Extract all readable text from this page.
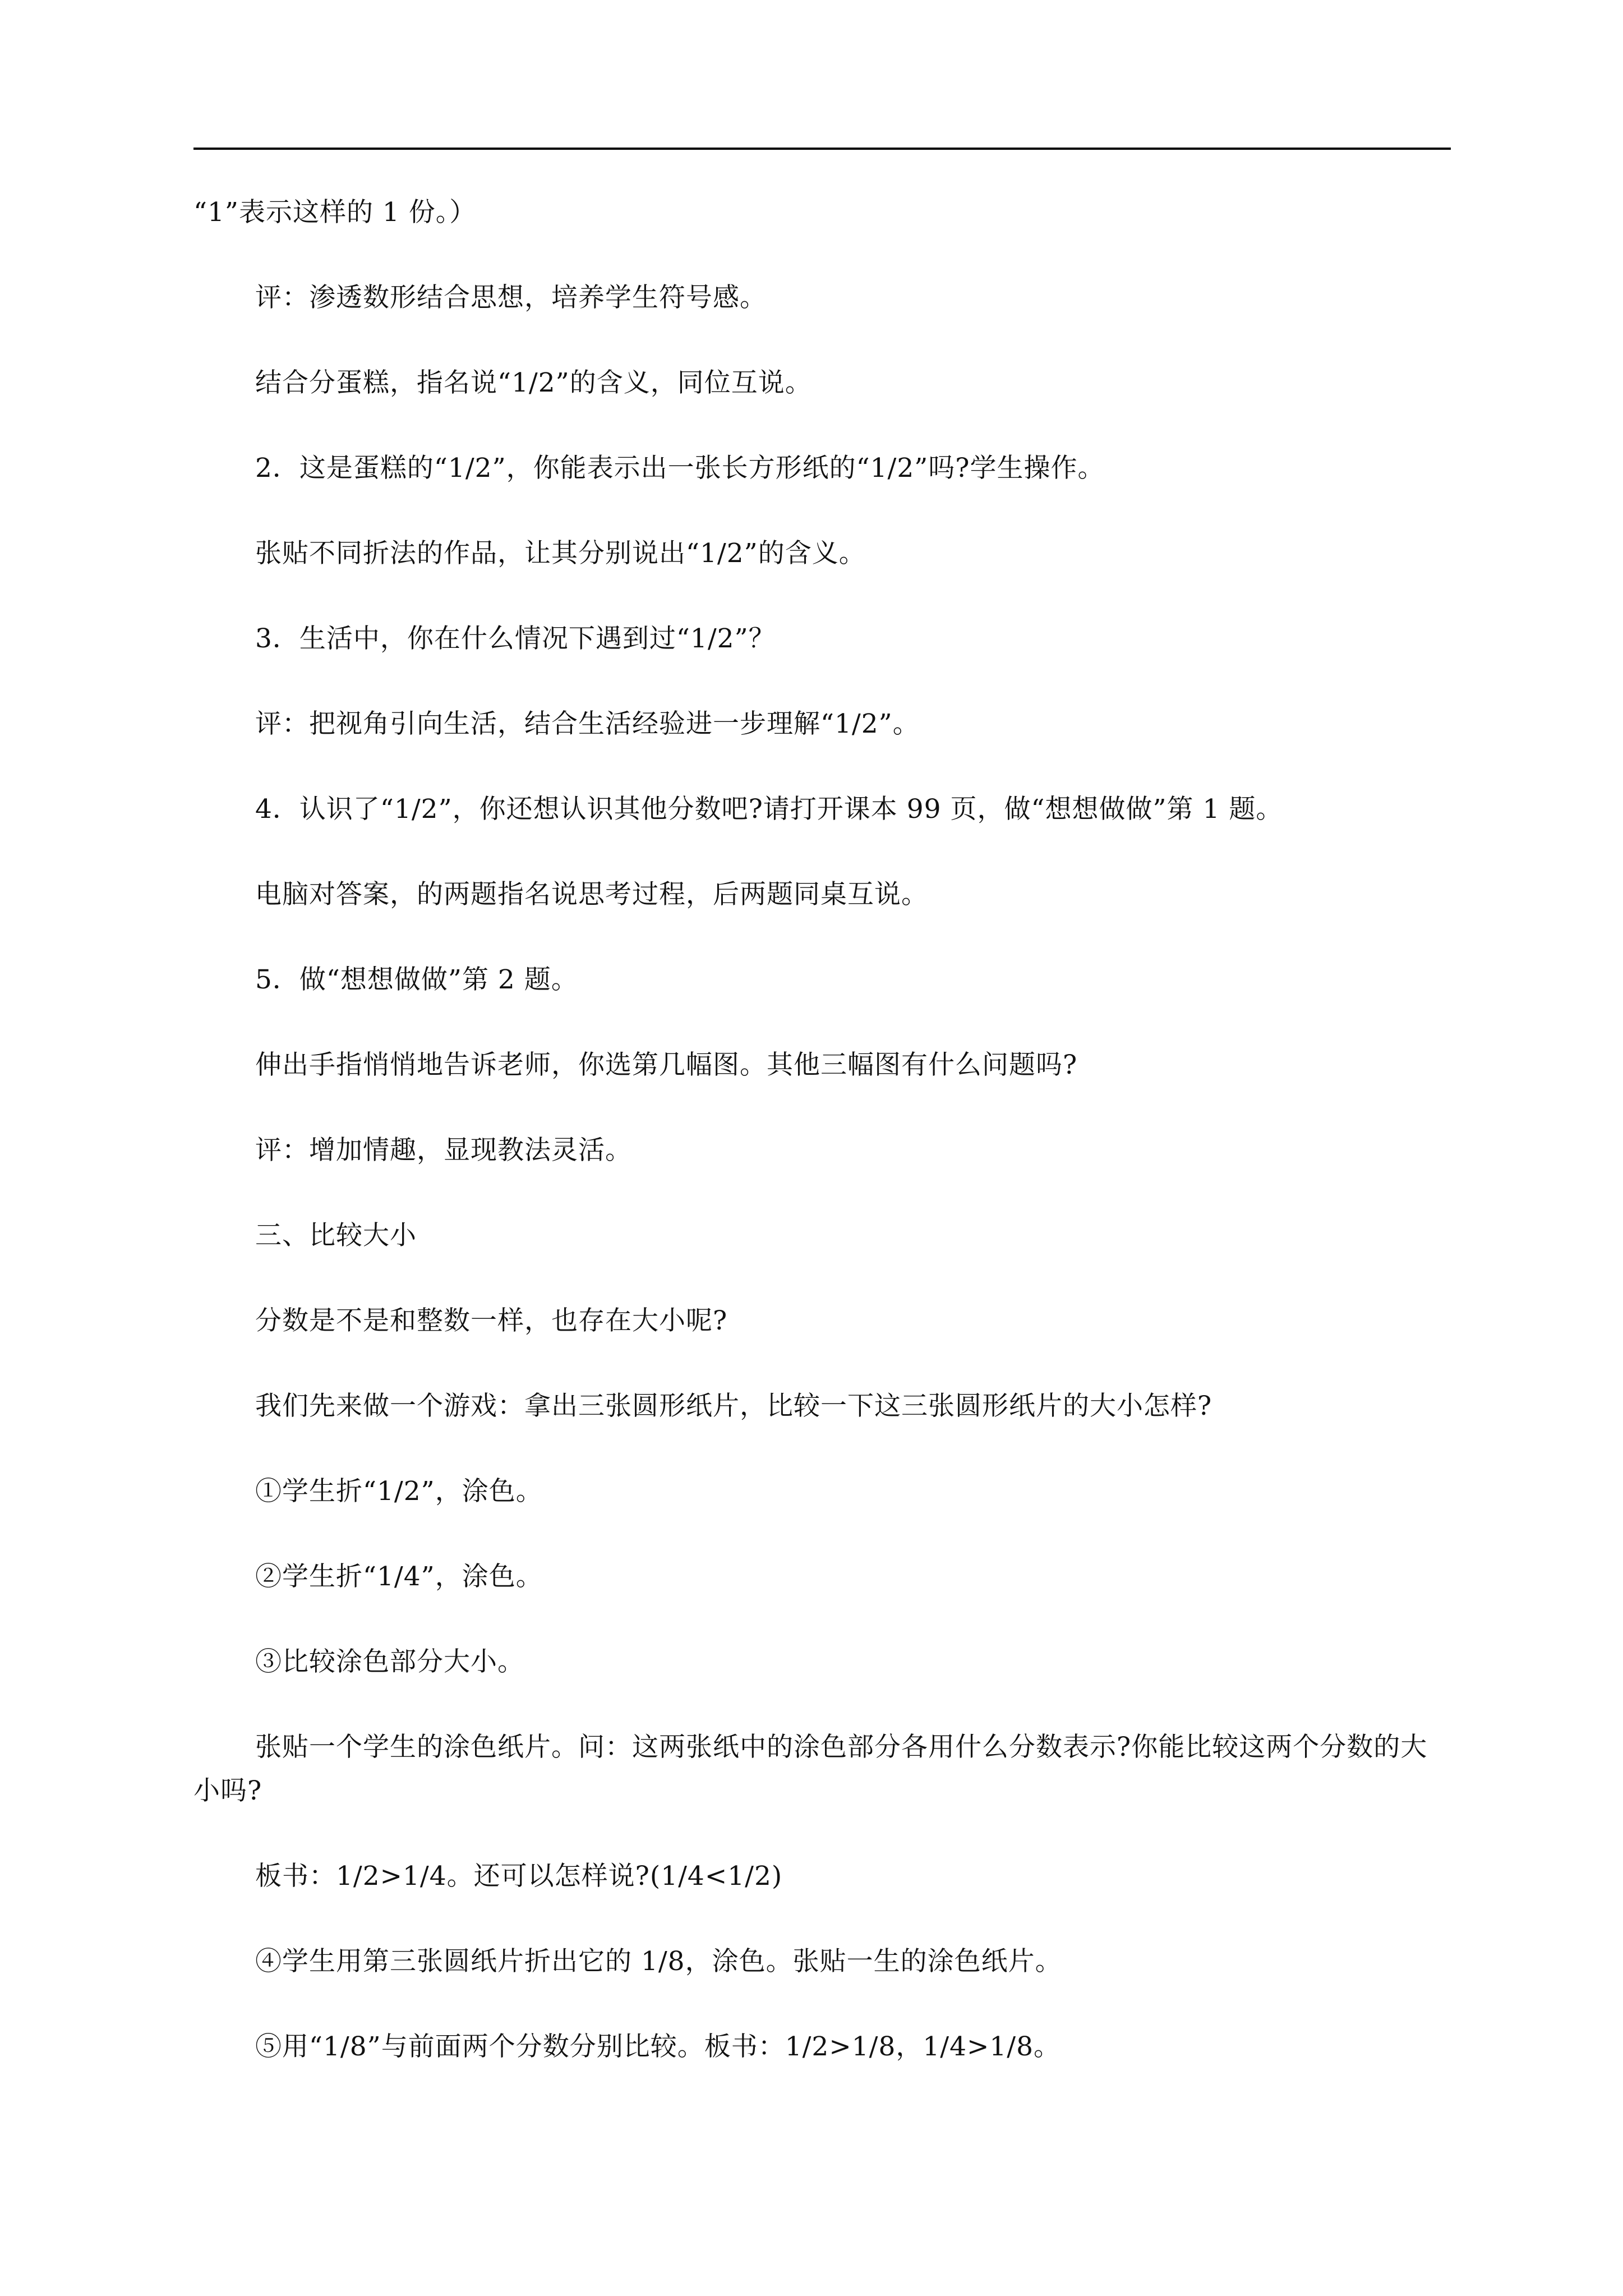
“1”表示这样的 1 份。）

评：渗透数形结合思想，培养学生符号感。

结合分蛋糕，指名说“1/2”的含义，同位互说。

2．这是蛋糕的“1/2”，你能表示出一张长方形纸的“1/2”吗?学生操作。

张贴不同折法的作品，让其分别说出“1/2”的含义。

3．生活中，你在什么情况下遇到过“1/2”？

评：把视角引向生活，结合生活经验进一步理解“1/2”。

4．认识了“1/2”，你还想认识其他分数吧?请打开课本 99 页，做“想想做做”第 1 题。

电脑对答案，的两题指名说思考过程，后两题同桌互说。

5．做“想想做做”第 2 题。

伸出手指悄悄地告诉老师，你选第几幅图。其他三幅图有什么问题吗?

评：增加情趣，显现教法灵活。

三、比较大小

分数是不是和整数一样，也存在大小呢?

我们先来做一个游戏：拿出三张圆形纸片，比较一下这三张圆形纸片的大小怎样?

①学生折“1/2”，涂色。

②学生折“1/4”，涂色。

③比较涂色部分大小。

张贴一个学生的涂色纸片。问：这两张纸中的涂色部分各用什么分数表示?你能比较这两个分数的大小吗?

板书：1/2>1/4。还可以怎样说?(1/4<1/2)

④学生用第三张圆纸片折出它的 1/8，涂色。张贴一生的涂色纸片。

⑤用“1/8”与前面两个分数分别比较。板书：1/2>1/8，1/4>1/8。
